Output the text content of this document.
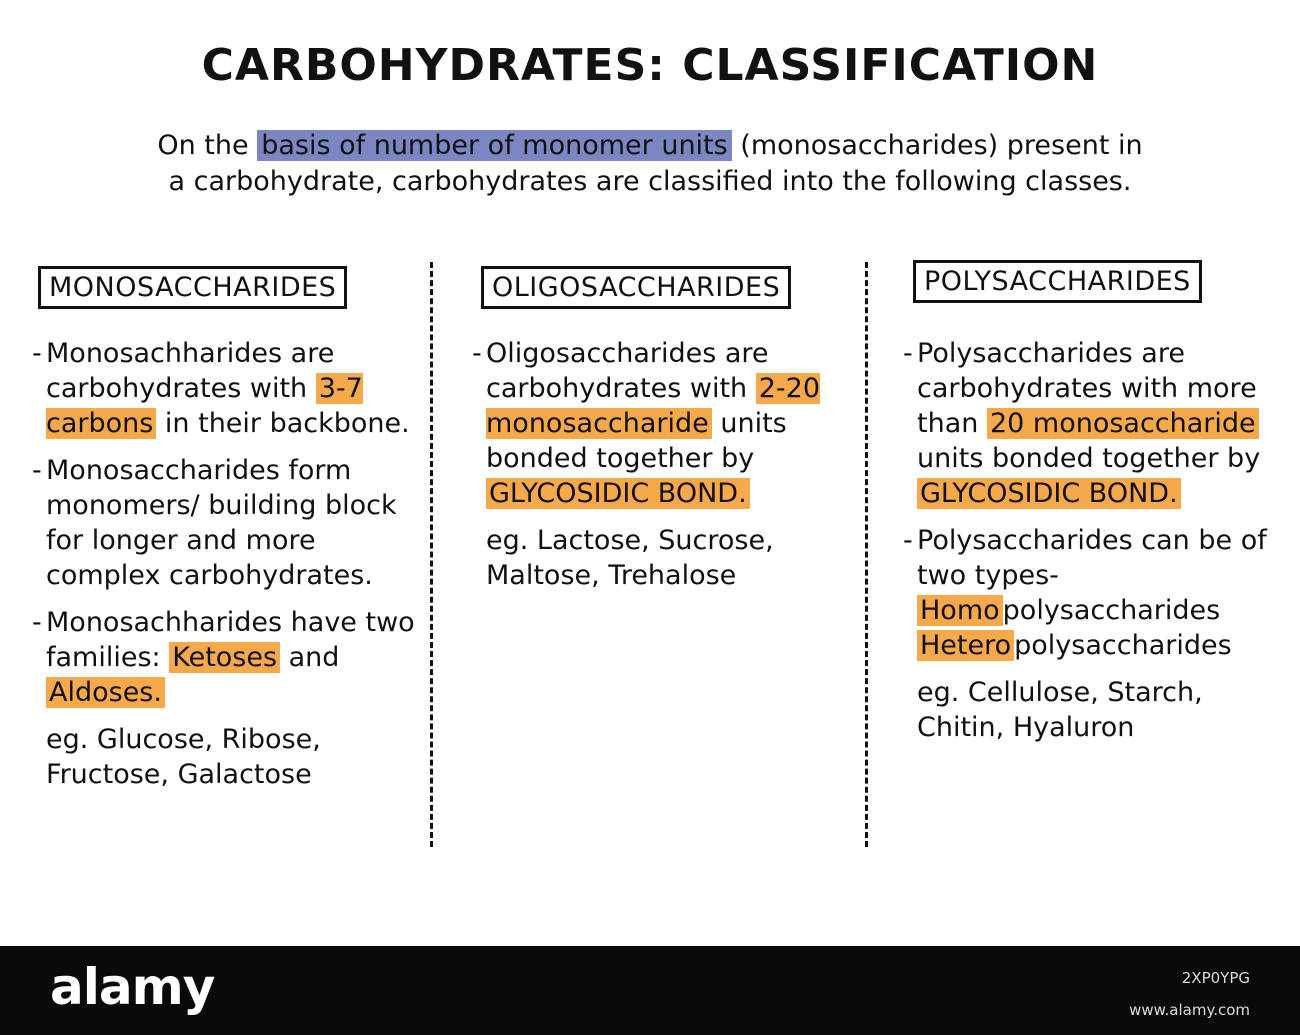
CARBOHYDRATES: CLASSIFICATION
On the basis of number of monomer units (monosaccharides) present in a carbohydrate, carbohydrates are classified into the following classes.
MONOSACCHARIDES
- Monosachharides are carbohydrates with 3-7 carbons in their backbone.
- Monosaccharides form monomers/ building block for longer and more complex carbohydrates.
- Monosachharides have two families: Ketoses and Aldoses.
eg. Glucose, Ribose, Fructose, Galactose
OLIGOSACCHARIDES
- Oligosaccharides are carbohydrates with 2-20 monosaccharide units bonded together by GLYCOSIDIC BOND.
eg. Lactose, Sucrose, Maltose, Trehalose
POLYSACCHARIDES
- Polysaccharides are carbohydrates with more than 20 monosaccharide units bonded together by GLYCOSIDIC BOND.
- Polysaccharides can be of two types-
Homo polysaccharides
Hetero polysaccharides
eg. Cellulose, Starch, Chitin, Hyaluron
alamy	2XP0YPG
www.alamy.com
